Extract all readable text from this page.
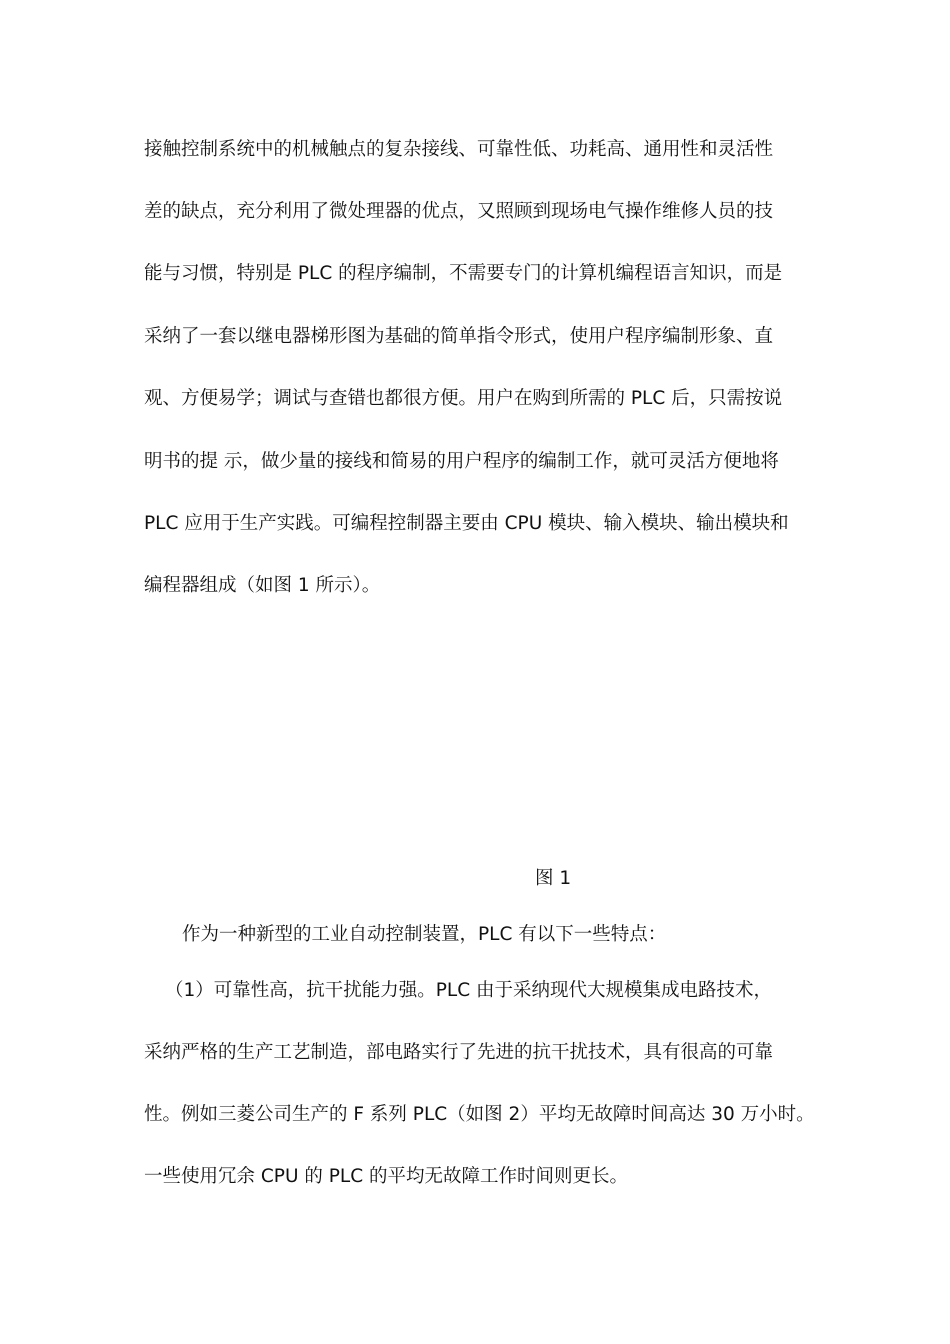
接触控制系统中的机械触点的复杂接线、可靠性低、功耗高、通用性和灵活性
差的缺点，充分利用了微处理器的优点，又照顾到现场电气操作维修人员的技
能与习惯，特别是 PLC 的程序编制，不需要专门的计算机编程语言知识，而是
采纳了一套以继电器梯形图为基础的简单指令形式，使用户程序编制形象、直
观、方便易学；调试与查错也都很方便。用户在购到所需的 PLC 后，只需按说
明书的提 示，做少量的接线和简易的用户程序的编制工作，就可灵活方便地将
PLC 应用于生产实践。可编程控制器主要由 CPU 模块、输入模块、输出模块和
编程器组成（如图 1 所示）。
图 1
作为一种新型的工业自动控制装置，PLC 有以下一些特点：
（1）可靠性高，抗干扰能力强。PLC 由于采纳现代大规模集成电路技术，
采纳严格的生产工艺制造，部电路实行了先进的抗干扰技术，具有很高的可靠
性。例如三菱公司生产的 F 系列 PLC（如图 2）平均无故障时间高达 30 万小时。
一些使用冗余 CPU 的 PLC 的平均无故障工作时间则更长。
